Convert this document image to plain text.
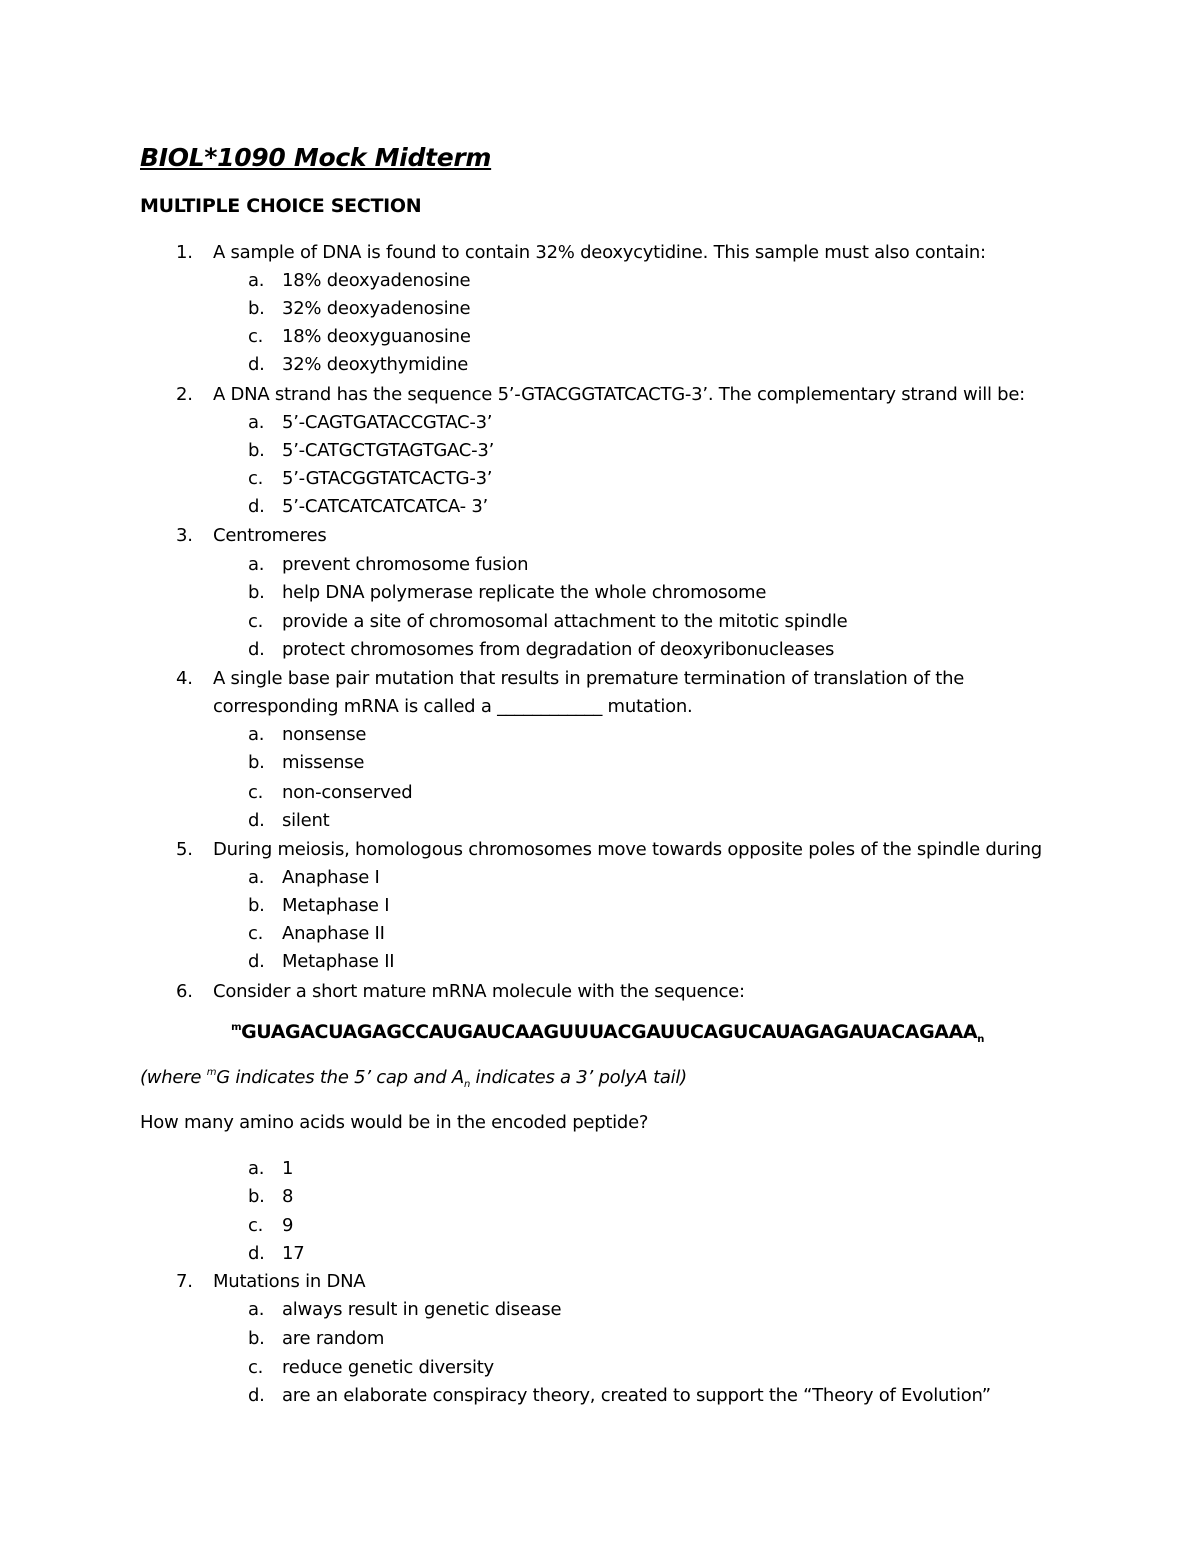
BIOL*1090 Mock Midterm
MULTIPLE CHOICE SECTION
1. A sample of DNA is found to contain 32% deoxycytidine. This sample must also contain:
a. 18% deoxyadenosine
b. 32% deoxyadenosine
c. 18% deoxyguanosine
d. 32% deoxythymidine
2. A DNA strand has the sequence 5’-GTACGGTATCACTG-3’. The complementary strand will be:
a. 5’-CAGTGATACCGTAC-3’
b. 5’-CATGCTGTAGTGAC-3’
c. 5’-GTACGGTATCACTG-3’
d. 5’-CATCATCATCATCA- 3’
3. Centromeres
a. prevent chromosome fusion
b. help DNA polymerase replicate the whole chromosome
c. provide a site of chromosomal attachment to the mitotic spindle
d. protect chromosomes from degradation of deoxyribonucleases
4. A single base pair mutation that results in premature termination of translation of the
corresponding mRNA is called a ____________ mutation.
a. nonsense
b. missense
c. non-conserved
d. silent
5. During meiosis, homologous chromosomes move towards opposite poles of the spindle during
a. Anaphase I
b. Metaphase I
c. Anaphase II
d. Metaphase II
6. Consider a short mature mRNA molecule with the sequence:
$^mGUAGACUAGAGCCAUGAUCAAGUUUACGAUUCAGUCAUAGAGAUACAGAAA_n$
(where $^m$G indicates the 5’ cap and $A_n$ indicates a 3’ polyA tail)
How many amino acids would be in the encoded peptide?
a. 1
b. 8
c. 9
d. 17
7. Mutations in DNA
a. always result in genetic disease
b. are random
c. reduce genetic diversity
d. are an elaborate conspiracy theory, created to support the “Theory of Evolution”
